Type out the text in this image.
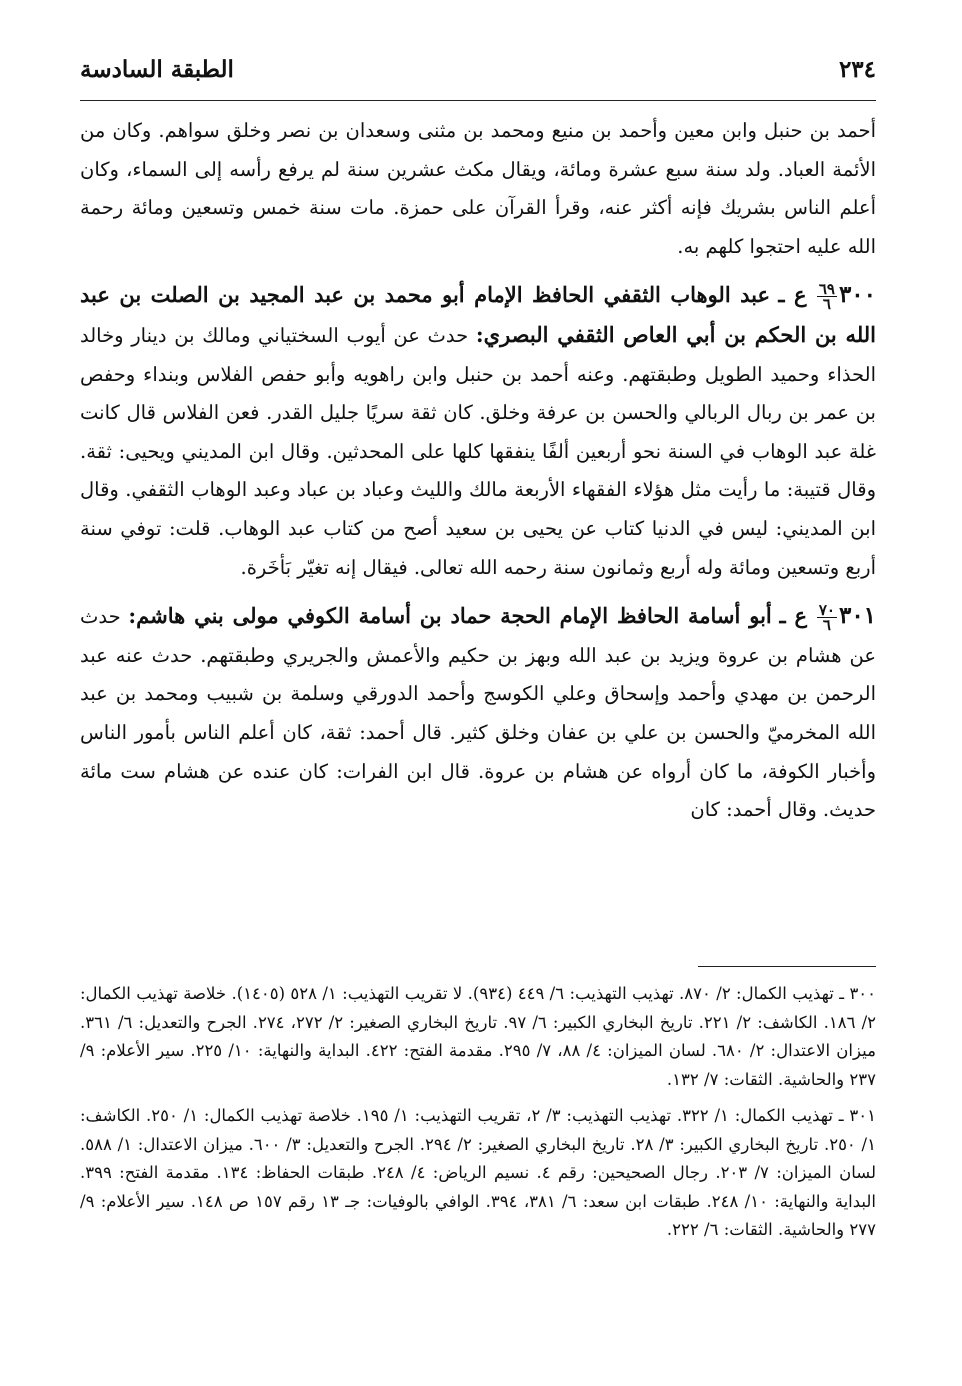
٢٣٤
الطبقة السادسة

أحمد بن حنبل وابن معين وأحمد بن منيع ومحمد بن مثنى وسعدان بن نصر وخلق سواهم. وكان من الأئمة العباد. ولد سنة سبع عشرة ومائة، ويقال مكث عشرين سنة لم يرفع رأسه إلى السماء، وكان أعلم الناس بشريك فإنه أكثر عنه، وقرأ القرآن على حمزة. مات سنة خمس وتسعين ومائة رحمة الله عليه احتجوا كلهم به.

٣٠٠
$\frac{٦٩}{٦}$
ع ـ عبد الوهاب الثقفي الحافظ الإمام أبو محمد بن عبد المجيد بن الصلت بن عبد الله بن الحكم بن أبي العاص الثقفي البصري: حدث عن أيوب السختياني ومالك بن دينار وخالد الحذاء وحميد الطويل وطبقتهم. وعنه أحمد بن حنبل وابن راهويه وأبو حفص الفلاس وبنداء وحفص بن عمر بن ربال الربالي والحسن بن عرفة وخلق. كان ثقة سريًا جليل القدر. فعن الفلاس قال كانت غلة عبد الوهاب في السنة نحو أربعين ألفًا ينفقها كلها على المحدثين. وقال ابن المديني ويحيى: ثقة. وقال قتيبة: ما رأيت مثل هؤلاء الفقهاء الأربعة مالك والليث وعباد بن عباد وعبد الوهاب الثقفي. وقال ابن المديني: ليس في الدنيا كتاب عن يحيى بن سعيد أصح من كتاب عبد الوهاب. قلت: توفي سنة أربع وتسعين ومائة وله أربع وثمانون سنة رحمه الله تعالى. فيقال إنه تغيّر بَأخَرة.

٣٠١
$\frac{٧٠}{٦}$
ع ـ أبو أسامة الحافظ الإمام الحجة حماد بن أسامة الكوفي مولى بني هاشم: حدث عن هشام بن عروة ويزيد بن عبد الله وبهز بن حكيم والأعمش والجريري وطبقتهم. حدث عنه عبد الرحمن بن مهدي وأحمد وإسحاق وعلي الكوسج وأحمد الدورقي وسلمة بن شبيب ومحمد بن عبد الله المخرميّ والحسن بن علي بن عفان وخلق كثير. قال أحمد: ثقة، كان أعلم الناس بأمور الناس وأخبار الكوفة، ما كان أرواه عن هشام بن عروة. قال ابن الفرات: كان عنده عن هشام ست مائة حديث. وقال أحمد: كان

٣٠٠ ـ تهذيب الكمال: ٢/ ٨٧٠. تهذيب التهذيب: ٦/ ٤٤٩ (٩٣٤). لا تقريب التهذيب: ١/ ٥٢٨ (١٤٠٥). خلاصة تهذيب الكمال: ٢/ ١٨٦. الكاشف: ٢/ ٢٢١. تاريخ البخاري الكبير: ٦/ ٩٧. تاريخ البخاري الصغير: ٢/ ٢٧٢، ٢٧٤. الجرح والتعديل: ٦/ ٣٦١. ميزان الاعتدال: ٢/ ٦٨٠. لسان الميزان: ٤/ ٨٨، ٧/ ٢٩٥. مقدمة الفتح: ٤٢٢. البداية والنهاية: ١٠/ ٢٢٥. سير الأعلام: ٩/ ٢٣٧ والحاشية. الثقات: ٧/ ١٣٢.

٣٠١ ـ تهذيب الكمال: ١/ ٣٢٢. تهذيب التهذيب: ٣/ ٢، تقريب التهذيب: ١/ ١٩٥. خلاصة تهذيب الكمال: ١/ ٢٥٠. الكاشف: ١/ ٢٥٠. تاريخ البخاري الكبير: ٣/ ٢٨. تاريخ البخاري الصغير: ٢/ ٢٩٤. الجرح والتعديل: ٣/ ٦٠٠. ميزان الاعتدال: ١/ ٥٨٨. لسان الميزان: ٧/ ٢٠٣. رجال الصحيحين: رقم ٤. نسيم الرياض: ٤/ ٢٤٨. طبقات الحفاظ: ١٣٤. مقدمة الفتح: ٣٩٩. البداية والنهاية: ١٠/ ٢٤٨. طبقات ابن سعد: ٦/ ٣٨١، ٣٩٤. الوافي بالوفيات: جـ ١٣ رقم ١٥٧ ص ١٤٨. سير الأعلام: ٩/ ٢٧٧ والحاشية. الثقات: ٦/ ٢٢٢.
